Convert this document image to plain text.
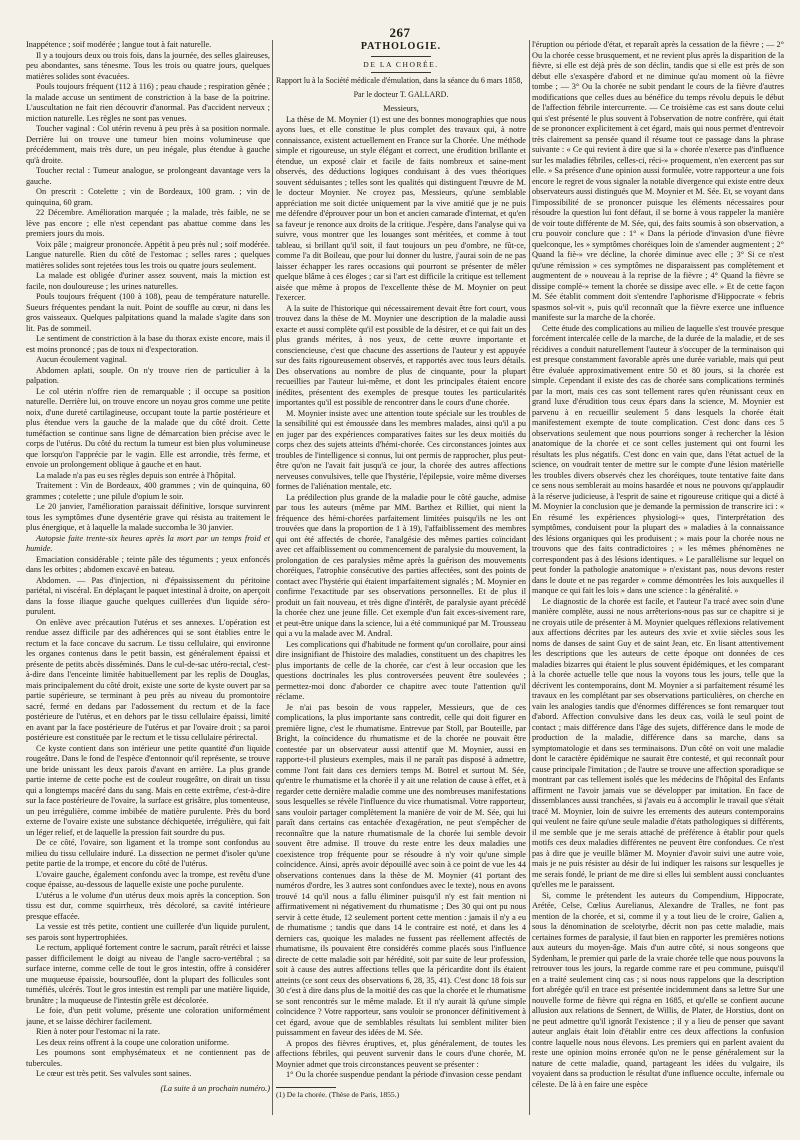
267

Inappétence ; soif modérée ; langue tout à fait naturelle.

Il y a toujours deux ou trois fois, dans la journée, des selles glaireuses, peu abondantes, sans ténesme. Tous les trois ou quatre jours, quelques matières solides sont évacuées.

Pouls toujours fréquent (112 à 116) ; peau chaude ; respiration gênée ; la malade accuse un sentiment de constriction à la base de la poitrine. L'auscultation ne fait rien découvrir d'anormal. Pas d'accident nerveux ; miction naturelle. Les règles ne sont pas venues.

Toucher vaginal : Col utérin revenu à peu près à sa position normale. Derrière lui on trouve une tumeur bien moins volumineuse que précédemment, mais très dure, un peu inégale, plus étendue à gauche qu'à droite.

Toucher rectal : Tumeur analogue, se prolongeant davantage vers la gauche.

On prescrit : Cotelette ; vin de Bordeaux, 100 gram. ; vin de quinquina, 60 gram.

22 Décembre. Amélioration marquée ; la malade, très faible, ne se lève pas encore ; elle n'est cependant pas abattue comme dans les premiers jours du mois.

Voix pâle ; maigreur prononcée. Appétit à peu près nul ; soif modérée. Langue naturelle. Rien du côté de l'estomac ; selles rares ; quelques matières solides sont rejetées tous les trois ou quatre jours seulement.

La malade est obligée d'uriner assez souvent, mais la miction est facile, non douloureuse ; les urines naturelles.

Pouls toujours fréquent (100 à 108), peau de température naturelle. Sueurs fréquentes pendant la nuit. Point de souffle au cœur, ni dans les gros vaisseaux. Quelques palpitations quand la malade s'agite dans son lit. Pas de sommeil.

Le sentiment de constriction à la base du thorax existe encore, mais il est moins prononcé ; pas de toux ni d'expectoration.

Aucun écoulement vaginal.

Abdomen aplati, souple. On n'y trouve rien de particulier à la palpation.

Le col utérin n'offre rien de remarquable ; il occupe sa position naturelle. Derrière lui, on trouve encore un noyau gros comme une petite noix, d'une dureté cartilagineuse, occupant toute la partie postérieure et plus étendue vers la gauche de la malade que du côté droit. Cette tuméfaction se continue sans ligne de démarcation bien précise avec le corps de l'utérus. Du côté du rectum la tumeur est bien plus volumineuse que lorsqu'on l'apprécie par le vagin. Elle est arrondie, très ferme, et envoie un prolongement oblique à gauche et en haut.

La malade n'a pas eu ses règles depuis son entrée à l'hôpital.

Traitement : Vin de Bordeaux, 400 grammes ; vin de quinquina, 60 grammes ; cotelette ; une pilule d'opium le soir.

Le 20 janvier, l'amélioration paraissait définitive, lorsque survinrent tous les symptômes d'une dysentérie grave qui résista au traitement le plus énergique, et à laquelle la malade succomba le 30 janvier.

Autopsie faite trente-six heures après la mort par un temps froid et humide.

Emaciation considérable ; teinte pâle des téguments ; yeux enfoncés dans les orbites ; abdomen excavé en bateau.

Abdomen. — Pas d'injection, ni d'épaississement du péritoine pariétal, ni viscéral. En déplaçant le paquet intestinal à droite, on aperçoit dans la fosse iliaque gauche quelques cuillerées d'un liquide séro-purulent.

On enlève avec précaution l'utérus et ses annexes. L'opération est rendue assez difficile par des adhérences qui se sont établies entre le rectum et la face concave du sacrum. Le tissu cellulaire, qui environne les organes contenus dans le petit bassin, est généralement épaissi et présente de petits abcès disséminés. Dans le cul-de-sac utéro-rectal, c'est-à-dire dans l'enceinte limitée habituellement par les replis de Douglas, mais principalement du côté droit, existe une sorte de kyste ouvert par sa partie supérieure, se terminant à peu près au niveau du promontoire sacré, fermé en dedans par l'adossement du rectum et de la face postérieure de l'utérus, et en dehors par le tissu cellulaire épaissi, limité en avant par la face postérieure de l'utérus et par l'ovaire droit ; sa paroi postérieure est constituée par le rectum et le tissu cellulaire périrectal.

Ce kyste contient dans son intérieur une petite quantité d'un liquide rougeâtre. Dans le fond de l'espèce d'entonnoir qu'il représente, se trouve une bride unissant les deux parois d'avant en arrière. La plus grande partie interne de cette poche est de couleur rougeâtre, on dirait un tissu qui a longtemps macéré dans du sang. Mais en cette extrême, c'est-à-dire sur la face postérieure de l'ovaire, la surface est grisâtre, plus tomenteuse, un peu irrégulière, comme imbibée de matière purulente. Près du bord externe de l'ovaire existe une substance déchiquetée, irrégulière, qui fait un léger relief, et de laquelle la pression fait sourdre du pus.

De ce côté, l'ovaire, son ligament et la trompe sont confondus au milieu du tissu cellulaire induré. La dissection ne permet d'isoler qu'une petite partie de la trompe, et encore du côté de l'utérus.

L'ovaire gauche, également confondu avec la trompe, est revêtu d'une coque épaisse, au-dessous de laquelle existe une poche purulente.

L'utérus a le volume d'un utérus deux mois après la conception. Son tissu est dur, comme squirrheux, très décoloré, sa cavité intérieure presque effacée.

La vessie est très petite, contient une cuillerée d'un liquide purulent, ses parois sont hypertrophiées.

Le rectum, appliqué fortement contre le sacrum, paraît rétréci et laisse passer difficilement le doigt au niveau de l'angle sacro-vertébral ; sa surface interne, comme celle de tout le gros intestin, offre à considérer une muqueuse épaissie, boursouflée, dont la plupart des follicules sont tuméfiés, ulcérés. Tout le gros intestin est rempli par une matière liquide, brunâtre ; la muqueuse de l'intestin grêle est décolorée.

Le foie, d'un petit volume, présente une coloration uniformément jaune, et se laisse déchirer facilement.

Rien à noter pour l'estomac ni la rate.

Les deux reins offrent à la coupe une coloration uniforme.

Les poumons sont emphysémateux et ne contiennent pas de tubercules.

Le cœur est très petit. Ses valvules sont saines.

(La suite à un prochain numéro.)

PATHOLOGIE.

DE LA CHORÉE.

Rapport lu à la Société médicale d'émulation, dans la séance du 6 mars 1858,

Par le docteur T. GALLARD.

Messieurs,

La thèse de M. Moynier (1) est une des bonnes monographies que nous ayons lues, et elle constitue le plus complet des travaux qui, à notre connaissance, existent actuellement en France sur la Chorée. Une méthode simple et rigoureuse, un style élégant et correct, une érudition brillante et étendue, un exposé clair et facile de faits nombreux et saine-ment observés, des déductions logiques conduisant à des vues théoriques souvent séduisantes ; telles sont les qualités qui distinguent l'œuvre de M. le docteur Moynier. Ne croyez pas, Messieurs, qu'une semblable appréciation me soit dictée uniquement par la vive amitié que je ne puis me défendre d'éprouver pour un bon et ancien camarade d'internat, et qu'en sa faveur je renonce aux droits de la critique. J'espère, dans l'analyse qui va suivre, vous montrer que les louanges sont méritées, et comme à tout tableau, si brillant qu'il soit, il faut toujours un peu d'ombre, ne fût-ce, comme l'a dit Boileau, que pour lui donner du lustre, j'aurai soin de ne pas laisser échapper les rares occasions qui pourront se présenter de mêler quelque blâme à ces éloges ; car si l'art est difficile la critique est tellement aisée que même à propos de l'excellente thèse de M. Moynier on peut l'exercer.

A la suite de l'historique qui nécessairement devait être fort court, vous trouvez dans la thèse de M. Moynier une description de la maladie aussi exacte et aussi complète qu'il est possible de la désirer, et ce qui fait un des plus grands mérites, à nos yeux, de cette œuvre importante et consciencieuse, c'est que chacune des assertions de l'auteur y est appuyée sur des faits rigoureusement observés, et rapportés avec tous leurs détails. Des observations au nombre de plus de cinquante, pour la plupart recueillies par l'auteur lui-même, et dont les principales étaient encore inédites, présentent des exemples de presque toutes les particularités importantes qu'il est possible de rencontrer dans le cours d'une chorée.

M. Moynier insiste avec une attention toute spéciale sur les troubles de la sensibilité qui est émoussée dans les membres malades, ainsi qu'il a pu en juger par des expériences comparatives faites sur les deux moitiés du corps chez des sujets atteints d'hémi-chorée. Ces circonstances jointes aux troubles de l'intelligence si connus, lui ont permis de rapprocher, plus peut-être qu'on ne l'avait fait jusqu'à ce jour, la chorée des autres affections nerveuses convulsives, telle que l'hystérie, l'épilepsie, voire même diverses formes de l'aliénation mentale, etc.

La prédilection plus grande de la maladie pour le côté gauche, admise par tous les auteurs (même par MM. Barthez et Rilliet, qui nient la fréquence des hémi-chorées parfaitement limitées puisqu'ils ne les ont trouvées que dans la proportion de 1 à 19), l'affaiblissement des membres qui ont été affectés de chorée, l'analgésie des mêmes parties coïncidant avec cet affaiblissement ou commencement de paralysie du mouvement, la prolongation de ces paralysies même après la guérison des mouvements choréiques, l'atrophie consécutive des parties affectées, sont des points de contact avec l'hystérie qui étaient imparfaitement signalés ; M. Moynier en confirme l'exactitude par ses observations personnelles. Et de plus il produit un fait nouveau, et très digne d'intérêt, de paralysie ayant précédé la chorée chez une jeune fille. Cet exemple d'un fait exces-sivement rare, et peut-être unique dans la science, lui a été communiqué par M. Trousseau qui a vu la malade avec M. Andral.

Les complications qui d'habitude ne forment qu'un corollaire, pour ainsi dire insignifiant de l'histoire des maladies, constituent un des chapitres les plus importants de celle de la chorée, car c'est à leur occasion que les questions doctrinales les plus controversées peuvent être soulevées ; permettez-moi donc d'aborder ce chapitre avec toute l'attention qu'il réclame.

Je n'ai pas besoin de vous rappeler, Messieurs, que de ces complications, la plus importante sans contredit, celle qui doit figurer en première ligne, c'est le rhumatisme. Entrevue par Stoll, par Bouteille, par Bright, la coïncidence du rhumatisme et de la chorée ne pouvait être contestée par un observateur aussi attentif que M. Moynier, aussi en rapporte-t-il plusieurs exemples, mais il ne paraît pas disposé à admettre, comme l'ont fait dans ces derniers temps M. Botrel et surtout M. Sée, qu'entre le rhumatisme et la chorée il y ait une relation de cause à effet, et à regarder cette dernière maladie comme une des nombreuses manifestations sous lesquelles se révèle l'influence du vice rhumatismal. Votre rapporteur, sans vouloir partager complètement la manière de voir de M. Sée, qui lui paraît dans certains cas entachée d'exagération, ne peut s'empêcher de reconnaître que la nature rhumatismale de la chorée lui semble devoir souvent être admise. Il trouve du reste entre les deux maladies une coexistence trop fréquente pour se résoudre à n'y voir qu'une simple coïncidence. Ainsi, après avoir dépouillé avec soin à ce point de vue les 44 observations contenues dans la thèse de M. Moynier (41 portant des numéros d'ordre, les 3 autres sont confondues avec le texte), nous en avons trouvé 14 qu'il nous a fallu éliminer puisqu'il n'y est fait mention ni affirmativement ni négativement du rhumatisme ; Des 30 qui ont pu nous servir à cette étude, 12 seulement portent cette mention : jamais il n'y a eu de rhumatisme ; tandis que dans 14 le contraire est noté, et dans les 4 derniers cas, quoique les malades ne fussent pas réellement affectés de rhumatisme, ils pouvaient être considérés comme placés sous l'influence directe de cette maladie soit par hérédité, soit par suite de leur profession, soit à cause des autres affections telles que la péricardite dont ils étaient atteints (ce sont ceux des observations 6, 28, 35, 41). C'est donc 18 fois sur 30 c'est à dire dans plus de la moitié des cas que la chorée et le rhumatisme se sont rencontrés sur le même malade. Et il n'y aurait là qu'une simple coïncidence ? Votre rapporteur, sans vouloir se prononcer définitivement à cet égard, avoue que de semblables résultats lui semblent militer bien puissamment en faveur des idées de M. Sée.

A propos des fièvres éruptives, et, plus généralement, de toutes les affections fébriles, qui peuvent survenir dans le cours d'une chorée, M. Moynier admet que trois circonstances peuvent se présenter :

1° Ou la chorée suspendue pendant la période d'invasion cesse pendant

(1) De la chorée. (Thèse de Paris, 1855.)

l'éruption ou période d'état, et reparaît après la cessation de la fièvre ; — 2° Ou la chorée cesse brusquement, et ne revient plus après la disparition de la fièvre, si elle est déjà près de son déclin, tandis que si elle est près de son début elle s'exaspère d'abord et ne diminue qu'au moment où la fièvre tombe ; — 3° Ou la chorée ne subit pendant le cours de la fièvre d'autres modifications que celles dues au bénéfice du temps révolu depuis le début de l'affection fébrile intercurrente. — Ce troisième cas est sans doute celui qui s'est présenté le plus souvent à l'observation de notre confrère, qui était de se prononcer explicitement à cet égard, mais qui nous permet d'entrevoir très clairement sa pensée quand il résume tout ce passage dans la phrase suivante : « Ce qui revient à dire que si la » chorée n'exerce pas d'influence sur les maladies fébriles, celles-ci, réci-» proquement, n'en exercent pas sur elle. » Sa présence d'une opinion aussi formulée, votre rapporteur a une fois encore le regret de vous signaler la notable divergence qui existe entre deux observateurs aussi distingués que M. Moynier et M. Sée. Et, se voyant dans l'impossibilité de se prononcer puisque les éléments nécessaires pour résoudre la question lui font défaut, il se borne à vous rappeler la manière de voir toute différente de M. Sée, qui, des faits soumis à son observation, a cru pouvoir conclure que : 1° « Dans la période d'invasion d'une fièvre quelconque, les » symptômes choréiques loin de s'amender augmentent ; 2° Quand la fiè-» vre décline, la chorée diminue avec elle ; 3° Si ce n'est qu'une rémission » ces symptômes ne disparaissent pas complètement et augmentent de » nouveau à la reprise de la fièvre ; 4° Quand la fièvre se dissipe complè-» tement la chorée se dissipe avec elle. » Et de cette façon M. Sée établit comment doit s'entendre l'aphorisme d'Hippocrate « febris spasmos sol-vit », puis qu'il reconnaît que la fièvre exerce une influence manifeste sur la marche de la chorée.

Cette étude des complications au milieu de laquelle s'est trouvée presque forcément intercalée celle de la marche, de la durée de la maladie, et de ses récidives a conduit naturellement l'auteur à s'occuper de la terminaison qui est presque constamment favorable après une durée variable, mais qui peut être évaluée approximativement entre 50 et 80 jours, si la chorée est simple. Cependant il existe des cas de chorée sans complications terminés par la mort, mais ces cas sont tellement rares qu'en réunissant ceux en grand luxe d'érudition tous ceux épars dans la science, M. Moynier est parvenu à en recueillir seulement 5 dans lesquels la chorée était manifestement exempte de toute complication. C'est donc dans ces 5 observations seulement que nous pourrions songer à rechercher la lésion anatomique de la chorée et ce sont celles justement qui ont fourni les résultats les plus négatifs. C'est donc en vain que, dans l'état actuel de la science, on voudrait tenter de mettre sur le compte d'une lésion matérielle les troubles divers observés chez les choréiques, toute tentative faite dans ce sens nous semblerait au moins hasardée et nous ne pouvons qu'applaudir à la réserve judicieuse, à l'esprit de saine et rigoureuse critique qui a dicté à M. Moynier la conclusion que je demande la permission de transcrire ici : « En résumé les expériences physiologi-» ques, l'interprétation des symptômes, conduisent pour la plupart des » maladies à la connaissance des lésions organiques qui les produisent ; » mais pour la chorée nous ne trouvons que des faits contradictoires ; » les mêmes phénomènes ne correspondent pas à des lésions identiques. » Le parallélisme sur lequel on peut fonder la pathologie anatomique » n'existant pas, nous devons rester dans le doute et ne pas regarder » comme démontrées les lois auxquelles il manque ce qui fait les lois » dans une science : la généralité. »

Le diagnostic de la chorée est facile, et l'auteur l'a tracé avec soin d'une manière complète, aussi ne nous arrêterions-nous pas sur ce chapitre si je ne croyais utile de présenter à M. Moynier quelques réflexions relativement aux affections décrites par les auteurs des xvie et xviie siècles sous les noms de danses de saint Guy et de saint Jean, etc. En lisant attentivement les descriptions que les auteurs de cette époque ont données de ces maladies bizarres qui étaient le plus souvent épidémiques, et les comparant à la chorée actuelle telle que nous la voyons tous les jours, telle que la décrivent les contemporains, dont M. Moynier a si parfaitement résumé les travaux en les complétant par ses observations particulières, on cherche en vain les analogies tandis que d'énormes différences se font remarquer tout d'abord. Affection convulsive dans les deux cas, voilà le seul point de contact ; mais différence dans l'âge des sujets, différence dans le mode de production de la maladie, différence dans sa marche, dans sa symptomatologie et dans ses terminaisons. D'un côté on voit une maladie dont le caractère épidémique ne saurait être contesté, et qui reconnaît pour cause principale l'imitation ; de l'autre se trouve une affection sporadique se montrant par cas tellement isolés que les médecins de l'hôpital des Enfants affirment ne l'avoir jamais vue se développer par imitation. En face de dissemblances aussi tranchées, si j'avais eu à accomplir le travail que s'était tracé M. Moynier, loin de suivre les errements des auteurs contemporains qui veulent ne faire qu'une seule maladie d'états pathologiques si différents, il me semble que je me serais attaché de préférence à établir pour quels motifs ces deux maladies différentes ne peuvent être confondues. Ce n'est pas à dire que je veuille blâmer M. Moynier d'avoir suivi une autre voie, mais je ne puis résister au désir de lui indiquer les raisons sur lesquelles je me serais fondé, le priant de me dire si elles lui semblent aussi concluantes qu'elles me le paraissent.

Si, comme le prétendent les auteurs du Compendium, Hippocrate, Arétée, Celse, Cœlius Aurelianus, Alexandre de Tralles, ne font pas mention de la chorée, et si, comme il y a tout lieu de le croire, Galien a, sous la dénomination de scelotyrbe, décrit non pas cette maladie, mais certaines formes de paralysie, il faut bien en rapporter les premières notions aux auteurs du moyen-âge. Mais d'un autre côté, si nous songeons que Sydenham, le premier qui parle de la vraie chorée telle que nous pouvons la retrouver tous les jours, la regarde comme rare et peu commune, puisqu'il en a traité seulement cinq cas ; si nous nous rappelons que la description fort abrégée qu'il en trace est présentée incidemment dans sa lettre Sur une nouvelle forme de fièvre qui régna en 1685, et qu'elle se confient aucune allusion aux relations de Sennert, de Willis, de Plater, de Horstius, dont on ne peut admettre qu'il ignorât l'existence ; il y a lieu de penser que savant auteur anglais était loin d'établir entre ces deux affections la confusion contre laquelle nous nous élevons. Les premiers qui en parlent avaient du reste une opinion moins erronée qu'on ne le pense généralement sur la nature de cette maladie, quand, partageant les idées du vulgaire, ils voyaient dans sa production le résultat d'une influence occulte, infernale ou céleste. De là à en faire une espèce
